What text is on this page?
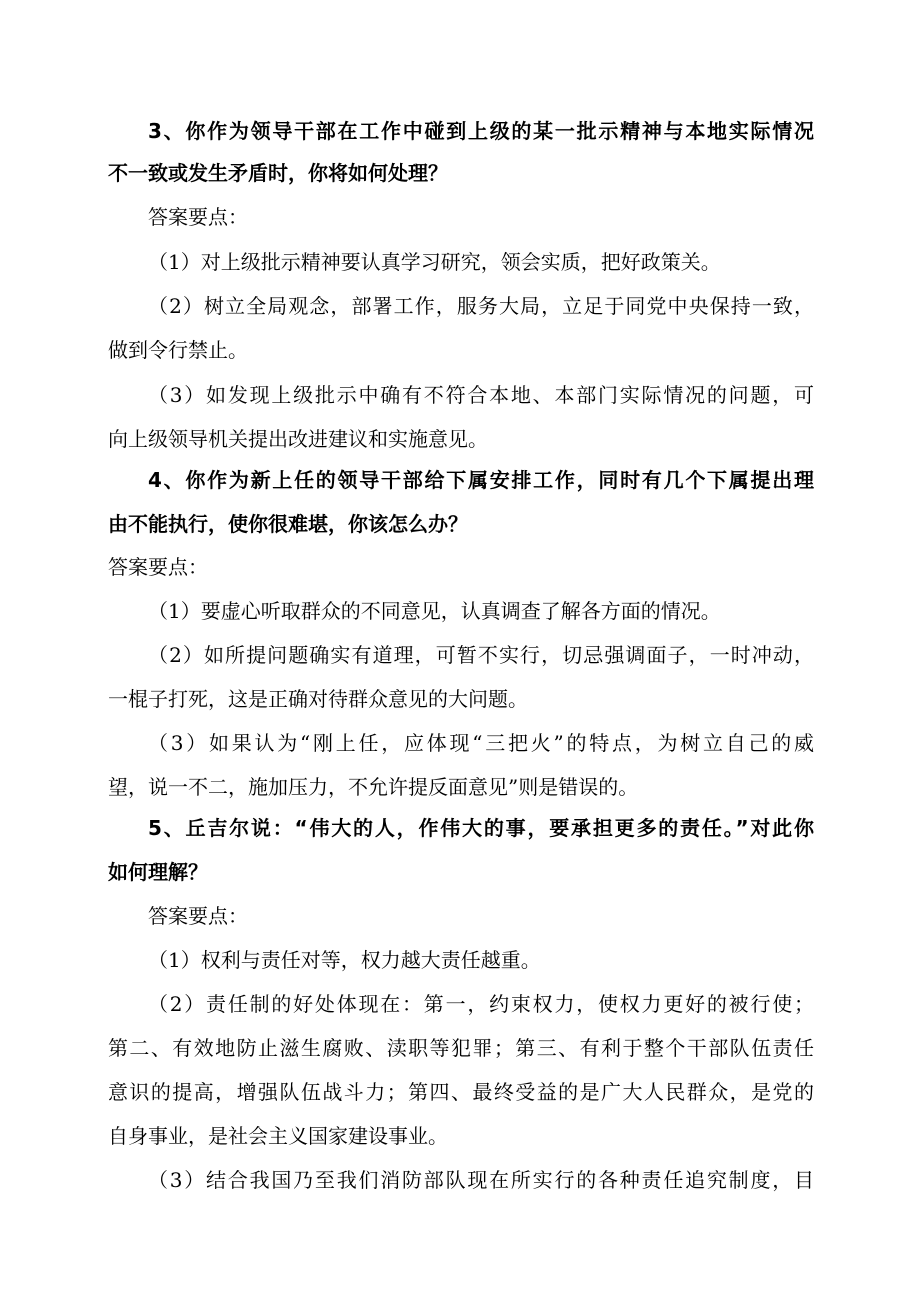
3、你作为领导干部在工作中碰到上级的某一批示精神与本地实际情况
不一致或发生矛盾时，你将如何处理？
答案要点：
（1）对上级批示精神要认真学习研究，领会实质，把好政策关。
（2）树立全局观念，部署工作，服务大局，立足于同党中央保持一致，
做到令行禁止。
（3）如发现上级批示中确有不符合本地、本部门实际情况的问题，可
向上级领导机关提出改进建议和实施意见。
4、你作为新上任的领导干部给下属安排工作，同时有几个下属提出理
由不能执行，使你很难堪，你该怎么办？
答案要点：
（1）要虚心听取群众的不同意见，认真调查了解各方面的情况。
（2）如所提问题确实有道理，可暂不实行，切忌强调面子，一时冲动，
一棍子打死，这是正确对待群众意见的大问题。
（3）如果认为“刚上任，应体现“三把火”的特点，为树立自己的威
望，说一不二，施加压力，不允许提反面意见”则是错误的。
5、丘吉尔说：“伟大的人，作伟大的事，要承担更多的责任。”对此你
如何理解？
答案要点：
（1）权利与责任对等，权力越大责任越重。
（2）责任制的好处体现在：第一，约束权力，使权力更好的被行使；
第二、有效地防止滋生腐败、渎职等犯罪；第三、有利于整个干部队伍责任
意识的提高，增强队伍战斗力；第四、最终受益的是广大人民群众，是党的
自身事业，是社会主义国家建设事业。
（3）结合我国乃至我们消防部队现在所实行的各种责任追究制度，目
